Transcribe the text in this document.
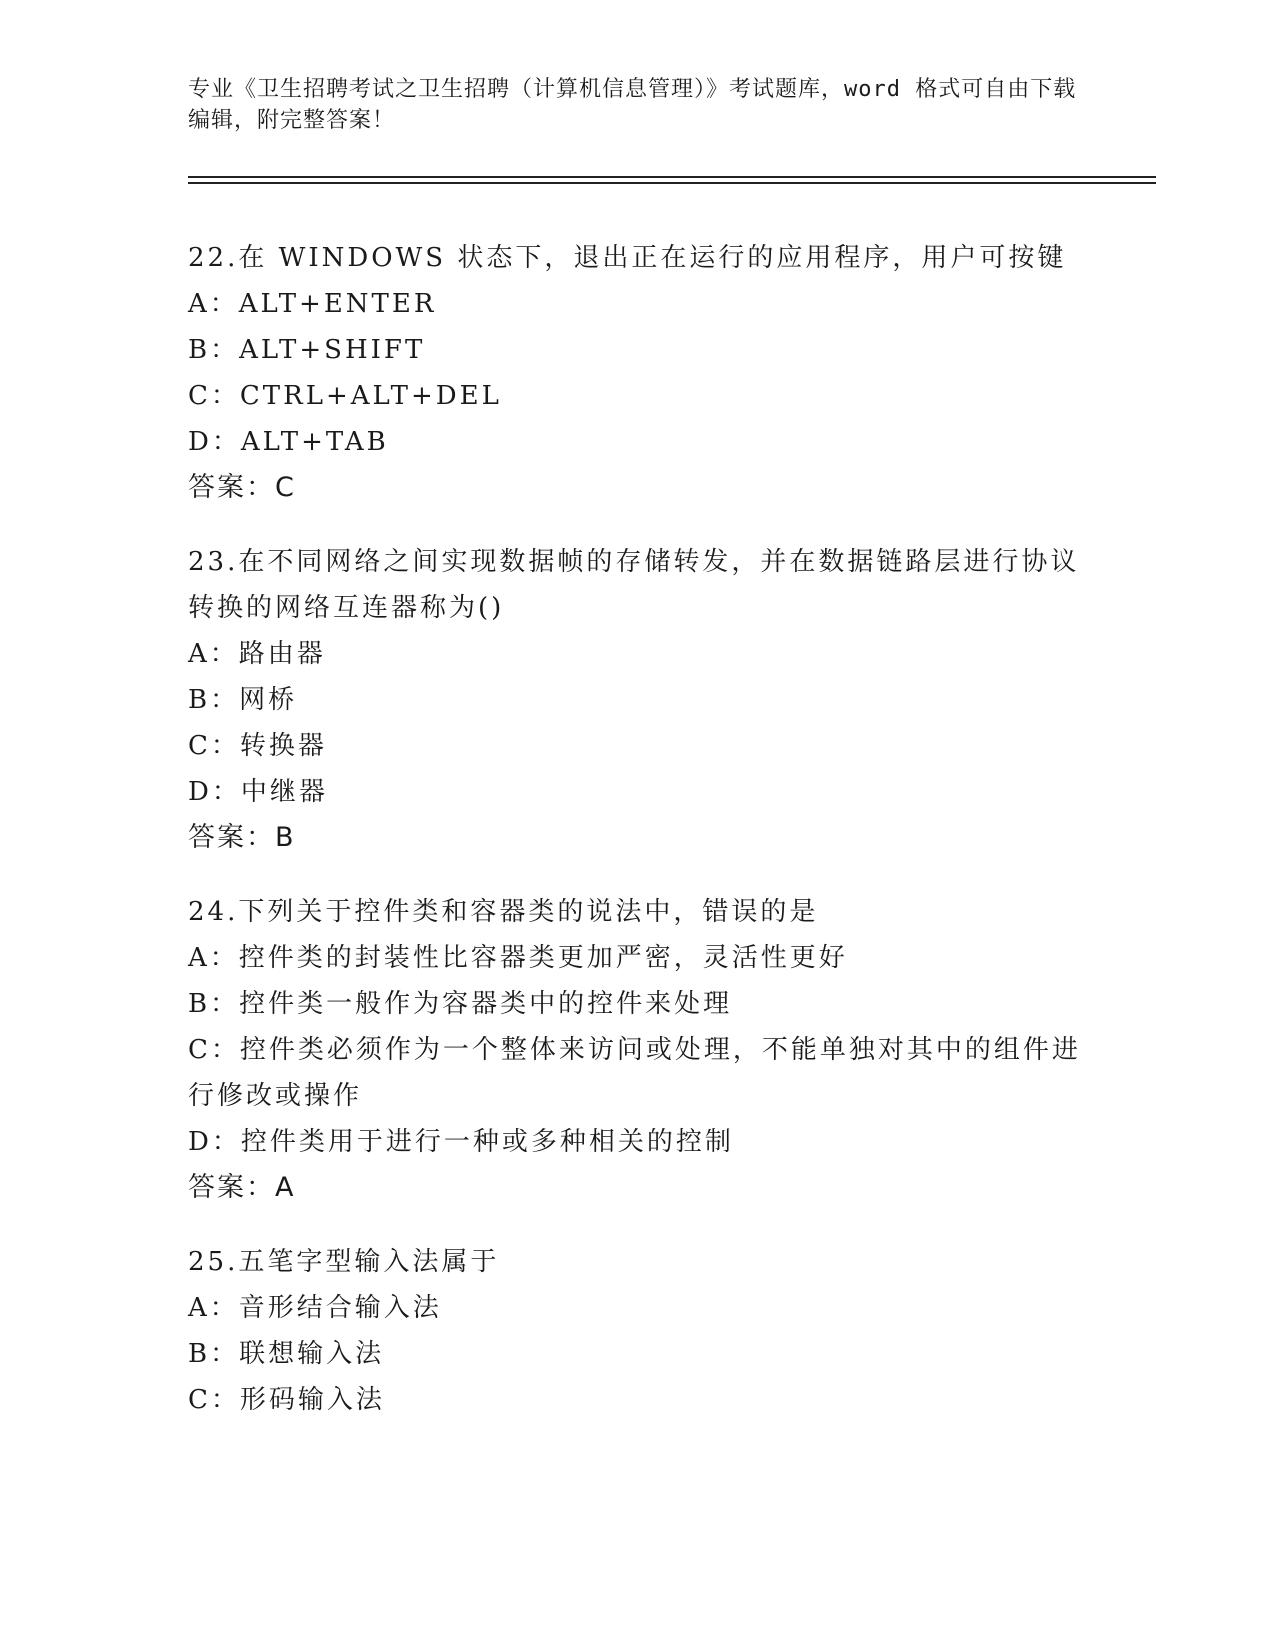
专业《卫生招聘考试之卫生招聘（计算机信息管理）》考试题库，word 格式可自由下载编辑，附完整答案！
22.在 WINDOWS 状态下，退出正在运行的应用程序，用户可按键
A：ALT+ENTER
B：ALT+SHIFT
C：CTRL+ALT+DEL
D：ALT+TAB
答案：C
23.在不同网络之间实现数据帧的存储转发，并在数据链路层进行协议转换的网络互连器称为()
A：路由器
B：网桥
C：转换器
D：中继器
答案：B
24.下列关于控件类和容器类的说法中，错误的是
A：控件类的封装性比容器类更加严密，灵活性更好
B：控件类一般作为容器类中的控件来处理
C：控件类必须作为一个整体来访问或处理，不能单独对其中的组件进行修改或操作
D：控件类用于进行一种或多种相关的控制
答案：A
25.五笔字型输入法属于
A：音形结合输入法
B：联想输入法
C：形码输入法
